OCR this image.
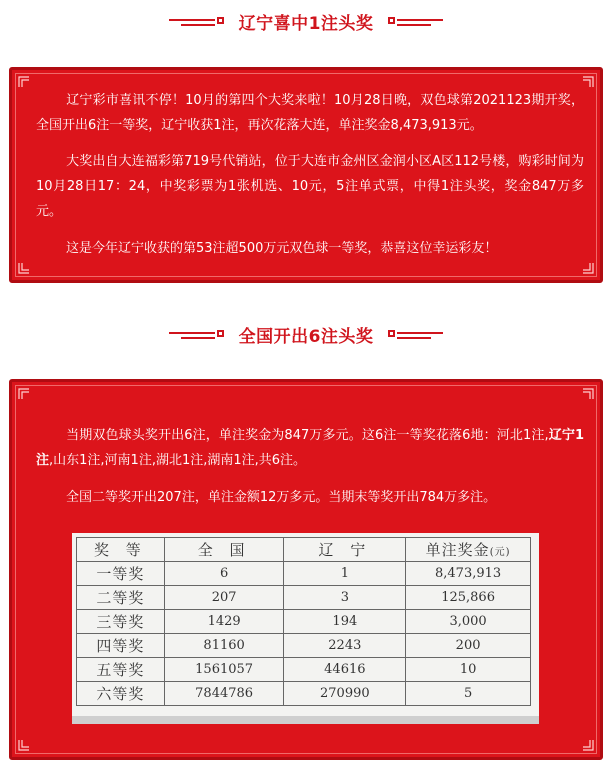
辽宁喜中1注头奖

辽宁彩市喜讯不停！10月的第四个大奖来啦！10月28日晚，双色球第2021123期开奖，全国开出6注一等奖，辽宁收获1注，再次花落大连，单注奖金8,473,913元。

大奖出自大连福彩第719号代销站，位于大连市金州区金润小区A区112号楼，购彩时间为10月28日17：24，中奖彩票为1张机选、10元，5注单式票，中得1注头奖，奖金847万多元。

这是今年辽宁收获的第53注超500万元双色球一等奖，恭喜这位幸运彩友！

全国开出6注头奖

当期双色球头奖开出6注，单注奖金为847万多元。这6注一等奖花落6地：河北1注,辽宁1注,山东1注,河南1注,湖北1注,湖南1注,共6注。

全国二等奖开出207注，单注金额12万多元。当期末等奖开出784万多注。

奖 等	全 国	辽 宁	单注奖金(元)
一等奖	6	1	8,473,913
二等奖	207	3	125,866
三等奖	1429	194	3,000
四等奖	81160	2243	200
五等奖	1561057	44616	10
六等奖	7844786	270990	5
